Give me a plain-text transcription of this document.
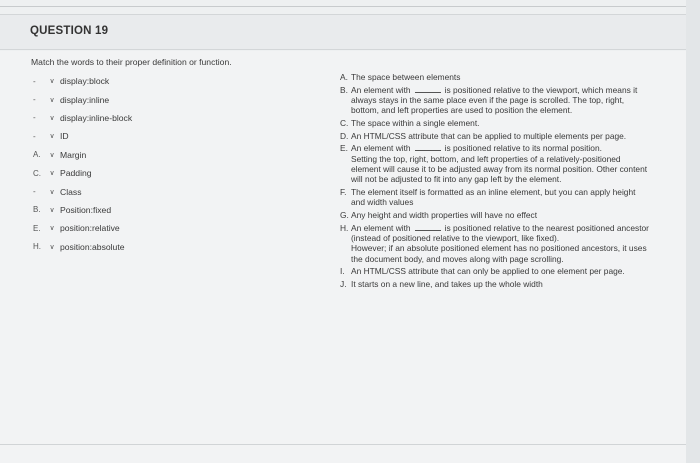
QUESTION 19
Match the words to their proper definition or function.
-	∨ display:block
-	∨ display:inline
-	∨ display:inline-block
-	∨ ID
A.	∨ Margin
C.	∨ Padding
-	∨ Class
B.	∨ Position:fixed
E.	∨ position:relative
H.	∨ position:absolute
A. The space between elements
B. An element with	is positioned relative to the viewport, which means it always stays in the same place even if the page is scrolled. The top, right, bottom, and left properties are used to position the element.
C. The space within a single element.
D. An HTML/CSS attribute that can be applied to multiple elements per page.
E. An element with	is positioned relative to its normal position.
Setting the top, right, bottom, and left properties of a relatively-positioned element will cause it to be adjusted away from its normal position. Other content will not be adjusted to fit into any gap left by the element.
F. The element itself is formatted as an inline element, but you can apply height and width values
G. Any height and width properties will have no effect
H. An element with	is positioned relative to the nearest positioned ancestor (instead of positioned relative to the viewport, like fixed).
However; if an absolute positioned element has no positioned ancestors, it uses the document body, and moves along with page scrolling.
I. An HTML/CSS attribute that can only be applied to one element per page.
J. It starts on a new line, and takes up the whole width
